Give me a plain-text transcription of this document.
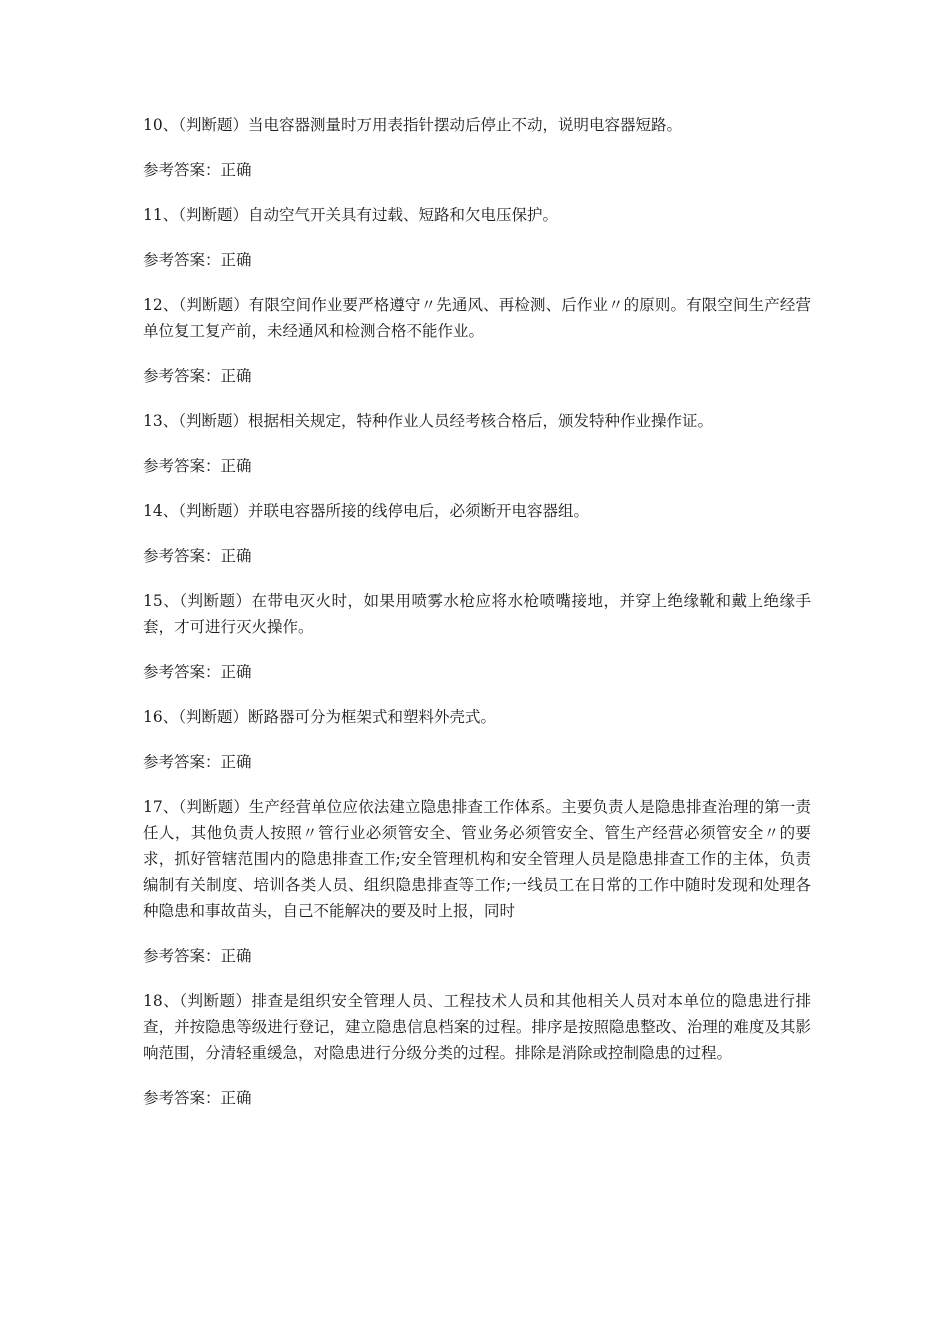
10、（判断题）当电容器测量时万用表指针摆动后停止不动，说明电容器短路。

参考答案：正确

11、（判断题）自动空气开关具有过载、短路和欠电压保护。

参考答案：正确

12、（判断题）有限空间作业要严格遵守〃先通风、再检测、后作业〃的原则。有限空间生产经营单位复工复产前，未经通风和检测合格不能作业。

参考答案：正确

13、（判断题）根据相关规定，特种作业人员经考核合格后，颁发特种作业操作证。

参考答案：正确

14、（判断题）并联电容器所接的线停电后，必须断开电容器组。

参考答案：正确

15、（判断题）在带电灭火时，如果用喷雾水枪应将水枪喷嘴接地，并穿上绝缘靴和戴上绝缘手套，才可进行灭火操作。

参考答案：正确

16、（判断题）断路器可分为框架式和塑料外壳式。

参考答案：正确

17、（判断题）生产经营单位应依法建立隐患排查工作体系。主要负责人是隐患排查治理的第一责任人，其他负责人按照〃管行业必须管安全、管业务必须管安全、管生产经营必须管安全〃的要求，抓好管辖范围内的隐患排查工作;安全管理机构和安全管理人员是隐患排查工作的主体，负责编制有关制度、培训各类人员、组织隐患排查等工作;一线员工在日常的工作中随时发现和处理各种隐患和事故苗头，自己不能解决的要及时上报，同时

参考答案：正确

18、（判断题）排查是组织安全管理人员、工程技术人员和其他相关人员对本单位的隐患进行排查，并按隐患等级进行登记，建立隐患信息档案的过程。排序是按照隐患整改、治理的难度及其影响范围，分清轻重缓急，对隐患进行分级分类的过程。排除是消除或控制隐患的过程。

参考答案：正确
